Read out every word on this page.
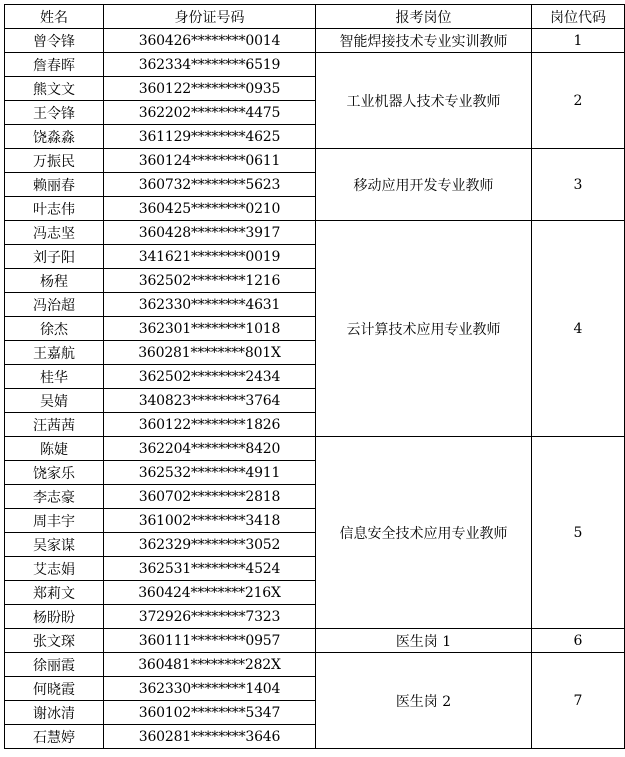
姓名	身份证号码	报考岗位	岗位代码
曾令锋	360426********0014	智能焊接技术专业实训教师	1
詹春晖	362334********6519	工业机器人技术专业教师	2
熊文文	360122********0935		
王令锋	362202********4475		
饶淼淼	361129********4625		
万振民	360124********0611	移动应用开发专业教师	3
赖丽春	360732********5623		
叶志伟	360425********0210		
冯志坚	360428********3917	云计算技术应用专业教师	4
刘子阳	341621********0019		
杨程	362502********1216		
冯治超	362330********4631		
徐杰	362301********1018		
王嘉航	360281********801X		
桂华	362502********2434		
吴婧	340823********3764		
汪茜茜	360122********1826		
陈婕	362204********8420	信息安全技术应用专业教师	5
饶家乐	362532********4911		
李志豪	360702********2818		
周丰宇	361002********3418		
吴家谋	362329********3052		
艾志娟	362531********4524		
郑莉文	360424********216X		
杨盼盼	372926********7323		
张文琛	360111********0957	医生岗 1	6
徐丽霞	360481********282X	医生岗 2	7
何晓霞	362330********1404		
谢冰清	360102********5347		
石慧婷	360281********3646		
